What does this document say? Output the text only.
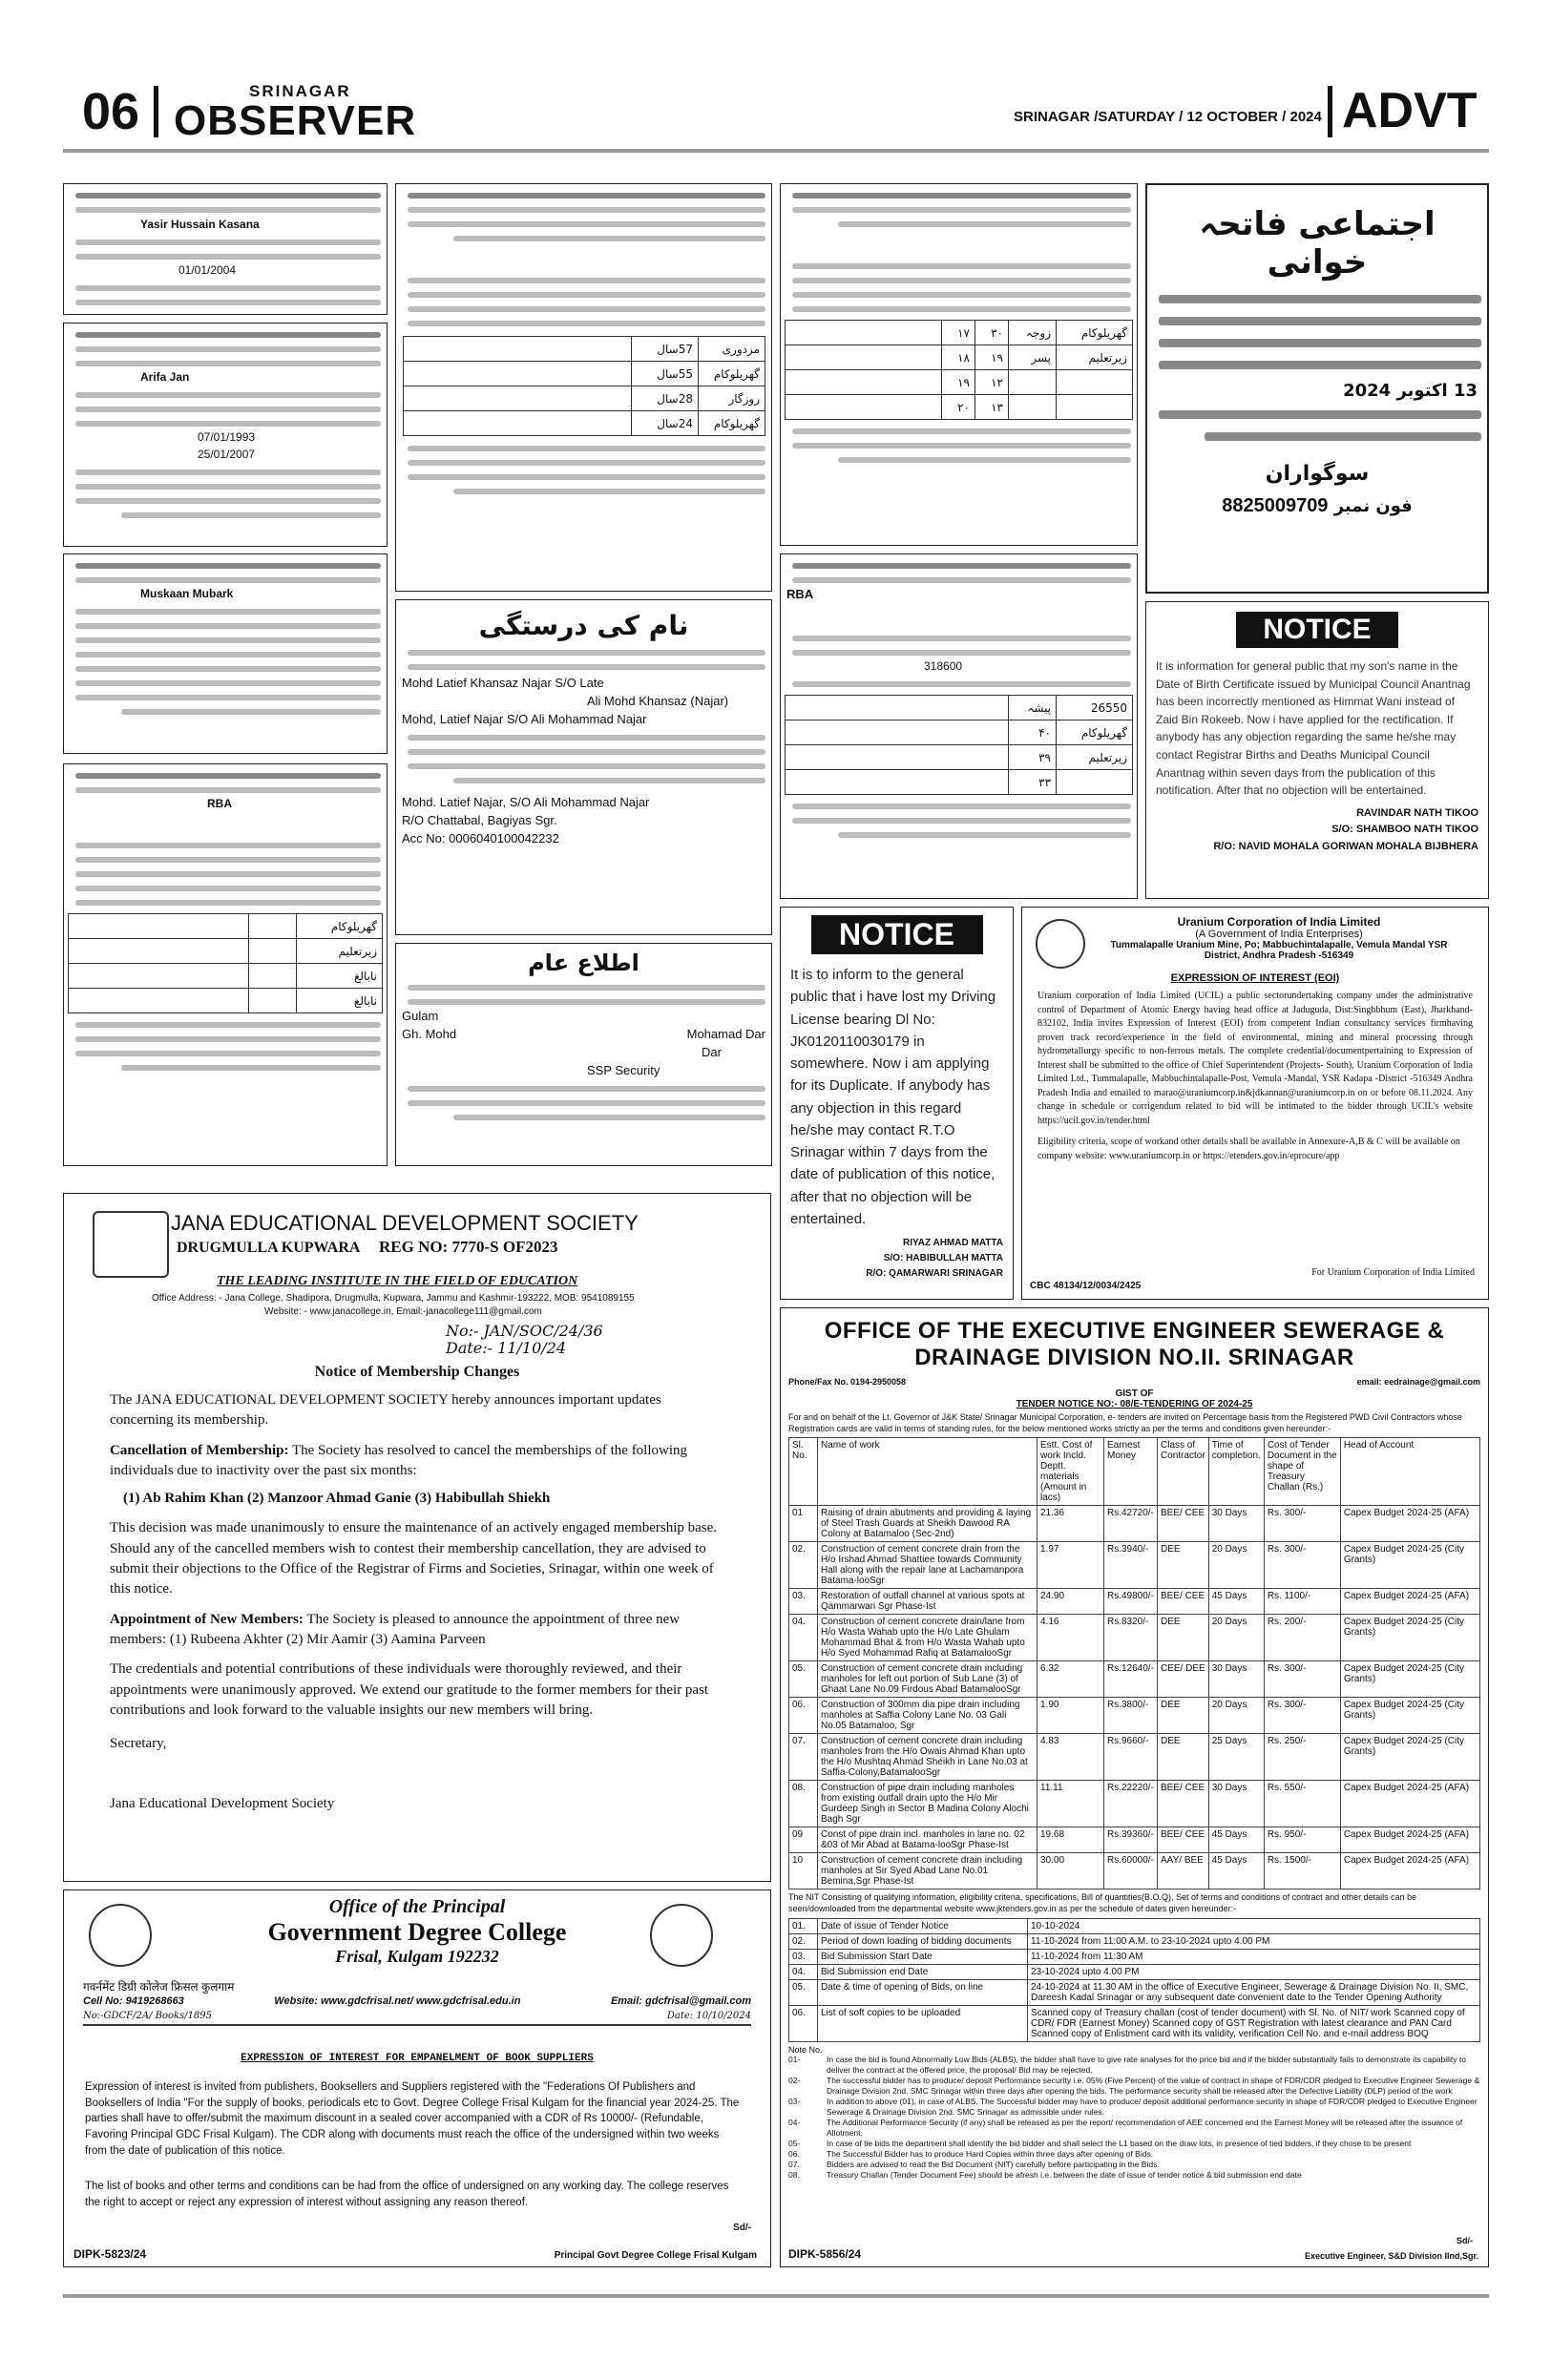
06	SRINAGAR
OBSERVER	SRINAGAR /SATURDAY / 12 OCTOBER / 2024 ADVT
Yasir Hussain Kasana
01/01/2004
Arifa Jan
07/01/1993
25/01/2007
Muskaan Mubark
RBA

گھریلوکام		
زیرتعلیم		
نابالغ		
نابالغ		

مزدوری	57سال	
گھریلوکام	55سال	
روزگار	28سال	
گھریلوکام	24سال	
نام کی درستگی
Mohd Latief Khansaz Najar S/O Late
Ali Mohd Khansaz (Najar)
Mohd, Latief Najar S/O Ali Mohammad Najar
Mohd. Latief Najar, S/O Ali Mohammad Najar
R/O Chattabal, Bagiyas Sgr.
Acc No: 0006040100042232
اطلاع عام
Gulam
Gh. Mohd	Mohamad Dar
Dar
SSP Security

گھریلوکام	زوجہ	۳۰	۱۷	
زیرتعلیم	پسر	۱۹	۱۸	
		۱۲	۱۹	
		۱۳	۲۰	
RBA

318600
26550	پیشہ	
گھریلوکام	۴۰	
زیرتعلیم	۳۹	
	۳۳	
اجتماعی فاتحہ خوانی
13 اکتوبر 2024
سوگواران
فون نمبر 8825009709
NOTICE
It is information for general public that my son's name in the Date of Birth Certificate issued by Municipal Council Anantnag has been incorrectly mentioned as Himmat Wani instead of Zaid Bin Rokeeb. Now i have applied for the rectification. If anybody has any objection regarding the same he/she may contact Registrar Births and Deaths Municipal Council Anantnag within seven days from the publication of this notification. After that no objection will be entertained.
RAVINDAR NATH TIKOO
S/O: SHAMBOO NATH TIKOO
R/O: NAVID MOHALA GORIWAN MOHALA BIJBHERA
NOTICE
It is to inform to the general public that i have lost my Driving License bearing Dl No: JK0120110030179 in somewhere. Now i am applying for its Duplicate. If anybody has any objection in this regard he/she may contact R.T.O Srinagar within 7 days from the date of publication of this notice, after that no objection will be entertained.
RIYAZ AHMAD MATTA
S/O: HABIBULLAH MATTA
R/O: QAMARWARI SRINAGAR
Uranium Corporation of India Limited
(A Government of India Enterprises)
Tummalapalle Uranium Mine, Po; Mabbuchintalapalle, Vemula Mandal YSR
District, Andhra Pradesh -516349
EXPRESSION OF INTEREST (EOI)
Uranium corporation of India Limited (UCIL) a public sectorundertaking company under the administrative control of Department of Atomic Energy having head office at Jaduguda, Dist:Singhbhum (East), Jharkhand-832102, India invites Expression of Interest (EOI) from competent Indian consultancy services firmhaving proven track record/experience in the field of environmental, mining and mineral processing through hydrometallurgy specific to non-ferrous metals. The complete credential/documentpertaining to Expression of Interest shall be submitted to the office of Chief Superintendent (Projects- South), Uranium Corporation of India Limited Ltd., Tummalapalle, Mabbuchintalapalle-Post, Vemula -Mandal, YSR Kadapa -District -516349 Andhra Pradesh India and emailed to marao@uraniumcorp.in&jdkannan@uraniumcorp.in on or before 08.11.2024. Any change in schedule or corrigendum related to bid will be intimated to the bidder through UCIL's website https://ucil.gov.in/tender.html
Eligibility criteria, scope of workand other details shall be available in Annexure-A,B & C will be available on company website: www.uraniumcorp.in or https://etenders.gov.in/eprocure/app
CBC 48134/12/0034/2425
For Uranium Corporation of India Limited
JANA EDUCATIONAL DEVELOPMENT SOCIETY
DRUGMULLA KUPWARA REG NO: 7770-S OF2023
THE LEADING INSTITUTE IN THE FIELD OF EDUCATION
Office Address: - Jana College, Shadipora, Drugmulla, Kupwara, Jammu and Kashmir-193222, MOB: 9541089155
Website: - www.janacollege.in, Email:-janacollege111@gmail.com
No:- JAN/SOC/24/36
Date:- 11/10/24
Notice of Membership Changes
The JANA EDUCATIONAL DEVELOPMENT SOCIETY hereby announces important updates concerning its membership.
Cancellation of Membership: The Society has resolved to cancel the memberships of the following individuals due to inactivity over the past six months:
(1) Ab Rahim Khan (2) Manzoor Ahmad Ganie (3) Habibullah Shiekh
This decision was made unanimously to ensure the maintenance of an actively engaged membership base. Should any of the cancelled members wish to contest their membership cancellation, they are advised to submit their objections to the Office of the Registrar of Firms and Societies, Srinagar, within one week of this notice.
Appointment of New Members: The Society is pleased to announce the appointment of three new members: (1) Rubeena Akhter (2) Mir Aamir (3) Aamina Parveen
The credentials and potential contributions of these individuals were thoroughly reviewed, and their appointments were unanimously approved. We extend our gratitude to the former members for their past contributions and look forward to the valuable insights our new members will bring.
Secretary,
Jana Educational Development Society
Office of the Principal
Government Degree College
Frisal, Kulgam 192232
गवर्नमेंट डिग्री कोलेज फ्रिसल कुलगाम
Cell No: 9419268663	Website: www.gdcfrisal.net/ www.gdcfrisal.edu.in	Email: gdcfrisal@gmail.com
No:-GDCF/2A/ Books/1895	Date: 10/10/2024
EXPRESSION OF INTEREST FOR EMPANELMENT OF BOOK SUPPLIERS
Expression of interest is invited from publishers, Booksellers and Suppliers registered with the "Federations Of Publishers and Booksellers of India "For the supply of books, periodicals etc to Govt. Degree College Frisal Kulgam for the financial year 2024-25. The parties shall have to offer/submit the maximum discount in a sealed cover accompanied with a CDR of Rs 10000/- (Refundable, Favoring Principal GDC Frisal Kulgam). The CDR along with documents must reach the office of the undersigned within two weeks from the date of publication of this notice.
The list of books and other terms and conditions can be had from the office of undersigned on any working day. The college reserves the right to accept or reject any expression of interest without assigning any reason thereof.
Sd/-
DIPK-5823/24	Principal Govt Degree College Frisal Kulgam
OFFICE OF THE EXECUTIVE ENGINEER SEWERAGE &
DRAINAGE DIVISION NO.II. SRINAGAR
Phone/Fax No. 0194-2950058	email: eedrainage@gmail.com
GIST OF
TENDER NOTICE NO:- 08/E-TENDERING OF 2024-25
For and on behalf of the Lt. Governor of J&K State/ Srinagar Municipal Corporation, e- tenders are invited on Percentage basis from the Registered PWD Civil Contractors whose Registration cards are valid in terms of standing rules, for the below mentioned works strictly as per the terms and conditions given hereunder:-
Sl. No.	Name of work	Estt. Cost of work Incld. Deptt. materials (Amount in lacs)	Earnest Money	Class of Contractor	Time of completion.	Cost of Tender Document in the shape of Treasury Challan (Rs.)	Head of Account
01	Raising of drain abutments and providing & laying of Steel Trash Guards at Sheikh Dawood RA Colony at Batamaloo (Sec-2nd)	21.36	Rs.42720/-	BEE/ CEE	30 Days	Rs. 300/-	Capex Budget 2024-25 (AFA)
02.	Construction of cement concrete drain from the H/o Irshad Ahmad Shattiee towards Community Hall along with the repair lane at Lachamanpora Batama-looSgr	1.97	Rs.3940/-	DEE	20 Days	Rs. 300/-	Capex Budget 2024-25 (City Grants)
03.	Restoration of outfall channel at various spots at Qammarwari Sgr Phase-Ist	24.90	Rs.49800/-	BEE/ CEE	45 Days	Rs. 1100/-	Capex Budget 2024-25 (AFA)
04.	Construction of cement concrete drain/lane from H/o Wasta Wahab upto the H/o Late Ghulam Mohammad Bhat & from H/o Wasta Wahab upto H/o Syed Mohammad Rafiq at BatamalooSgr	4.16	Rs.8320/-	DEE	20 Days	Rs. 200/-	Capex Budget 2024-25 (City Grants)
05.	Construction of cement concrete drain including manholes for left out portion of Sub Lane (3) of Ghaat Lane No.09 Firdous Abad BatamalooSgr	6.32	Rs.12640/-	CEE/ DEE	30 Days	Rs. 300/-	Capex Budget 2024-25 (City Grants)
06.	Construction of 300mm dia pipe drain including manholes at Saffia Colony Lane No. 03 Gali No.05 Batamaloo, Sgr	1.90	Rs.3800/-	DEE	20 Days	Rs. 300/-	Capex Budget 2024-25 (City Grants)
07.	Construction of cement concrete drain including manholes from the H/o Owais Ahmad Khan upto the H/o Mushtaq Ahmad Sheikh in Lane No.03 at Saffia-Colony,BatamalooSgr	4.83	Rs.9660/-	DEE	25 Days	Rs. 250/-	Capex Budget 2024-25 (City Grants)
08.	Construction of pipe drain including manholes from existing outfall drain upto the H/o Mir Gurdeep Singh in Sector B Madina Colony Alochi Bagh Sgr	11.11	Rs.22220/-	BEE/ CEE	30 Days	Rs. 550/-	Capex Budget 2024-25 (AFA)
09	Const of pipe drain incl. manholes in lane no. 02 &03 of Mir Abad at Batama-looSgr Phase-Ist	19.68	Rs.39360/-	BEE/ CEE	45 Days	Rs. 950/-	Capex Budget 2024-25 (AFA)
10	Construction of cement concrete drain including manholes at Sir Syed Abad Lane No.01 Bemina,Sgr Phase-Ist	30.00	Rs.60000/-	AAY/ BEE	45 Days	Rs. 1500/-	Capex Budget 2024-25 (AFA)
The NIT Consisting of qualifying information, eligibility criteria, specifications, Bill of quantities(B.O.Q), Set of terms and conditions of contract and other details can be seen/downloaded from the departmental website www.jktenders.gov.in as per the schedule of dates given hereunder:-
01.	Date of issue of Tender Notice	10-10-2024
02.	Period of down loading of bidding documents	11-10-2024 from 11:00 A.M. to 23-10-2024 upto 4.00 PM
03.	Bid Submission Start Date	11-10-2024 from 11:30 AM
04.	Bid Submission end Date	23-10-2024 upto 4.00 PM
05.	Date & time of opening of Bids, on line	24-10-2024 at 11.30 AM in the office of Executive Engineer, Sewerage & Drainage Division No. II, SMC, Dareesh Kadal Srinagar or any subsequent date convenient date to the Tender Opening Authority
06.	List of soft copies to be uploaded	Scanned copy of Treasury challan (cost of tender document) with Sl. No. of NIT/ work Scanned copy of CDR/ FDR (Earnest Money) Scanned copy of GST Registration with latest clearance and PAN Card Scanned copy of Enlistment card with its validity, verification Cell No. and e-mail address BOQ
Note No.
01-	In case the bid is found Abnormally Low Bids (ALBS), the bidder shall have to give rate analyses for the price bid and if the bidder substantially fails to demonstrate its capability to deliver the contract at the offered price, the proposal/ Bid may be rejected.
02-	The successful bidder has to produce/ deposit Performance security i.e. 05% (Five Percent) of the value of contract in shape of FDR/CDR pledged to Executive Engineer Sewerage & Drainage Division 2nd. SMC Srinagar within three days after opening the bids. The performance security shall be released after the Defective Liability (DLP) period of the work
03-	In addition to above (01), in case of ALBS, The Successful bidder may have to produce/ deposit additional performance security in shape of FDR/CDR pledged to Executive Engineer Sewerage & Drainage Division 2nd. SMC Srinagar as admissible under rules.
04-	The Additional Performance Security (if any) shall be released as per the report/ recommendation of AEE concerned and the Earnest Money will be released after the issuance of Allotment.
05-	In case of tie bids the department shall identify the bid bidder and shall select the L1 based on the draw lots, in presence of tied bidders, if they chose to be present
06.	The Successful Bidder has to produce Hard Copies within three days after opening of Bids.
07.	Bidders are advised to read the Bid Document (NIT) carefully before participating in the Bids.
08.	Treasury Challan (Tender Document Fee) should be afresh i.e. between the date of issue of tender notice & bid submission end date
Sd/-
DIPK-5856/24	Executive Engineer, S&D Division IInd,Sgr.
